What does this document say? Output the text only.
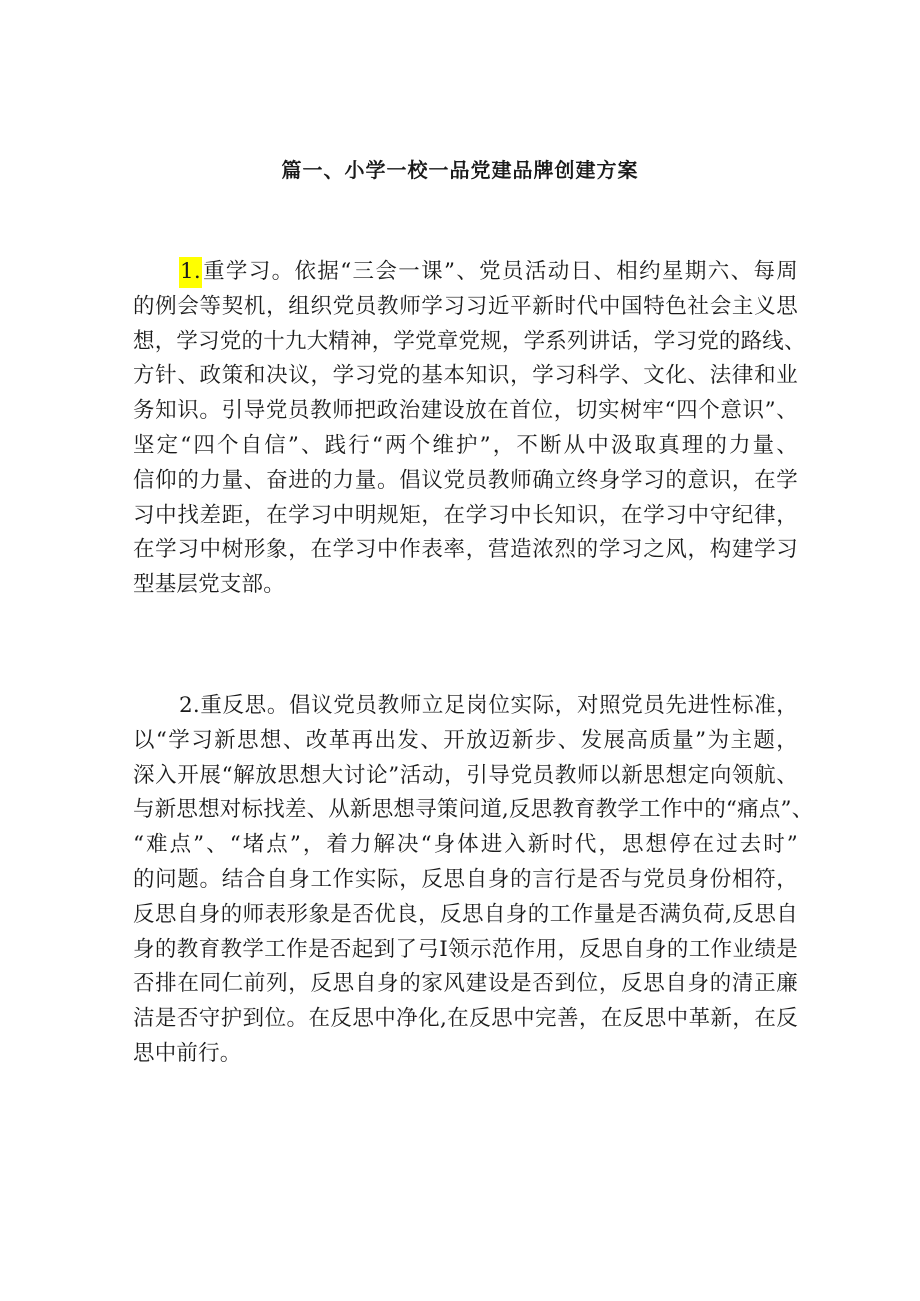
篇一、小学一校一品党建品牌创建方案
1.重学习。依据“三会一课”、党员活动日、相约星期六、每周
的例会等契机，组织党员教师学习习近平新时代中国特色社会主义思
想，学习党的十九大精神，学党章党规，学系列讲话，学习党的路线、
方针、政策和决议，学习党的基本知识，学习科学、文化、法律和业
务知识。引导党员教师把政治建设放在首位，切实树牢“四个意识”、
坚定“四个自信”、践行“两个维护”，不断从中汲取真理的力量、
信仰的力量、奋进的力量。倡议党员教师确立终身学习的意识，在学
习中找差距，在学习中明规矩，在学习中长知识，在学习中守纪律，
在学习中树形象，在学习中作表率，营造浓烈的学习之风，构建学习
型基层党支部。
2.重反思。倡议党员教师立足岗位实际，对照党员先进性标准，
以“学习新思想、改革再出发、开放迈新步、发展高质量”为主题，
深入开展“解放思想大讨论”活动，引导党员教师以新思想定向领航、
与新思想对标找差、从新思想寻策问道,反思教育教学工作中的“痛点”、
“难点”、“堵点”，着力解决“身体进入新时代，思想停在过去时”
的问题。结合自身工作实际，反思自身的言行是否与党员身份相符，
反思自身的师表形象是否优良，反思自身的工作量是否满负荷,反思自
身的教育教学工作是否起到了弓I领示范作用，反思自身的工作业绩是
否排在同仁前列，反思自身的家风建设是否到位，反思自身的清正廉
洁是否守护到位。在反思中净化,在反思中完善，在反思中革新，在反
思中前行。
